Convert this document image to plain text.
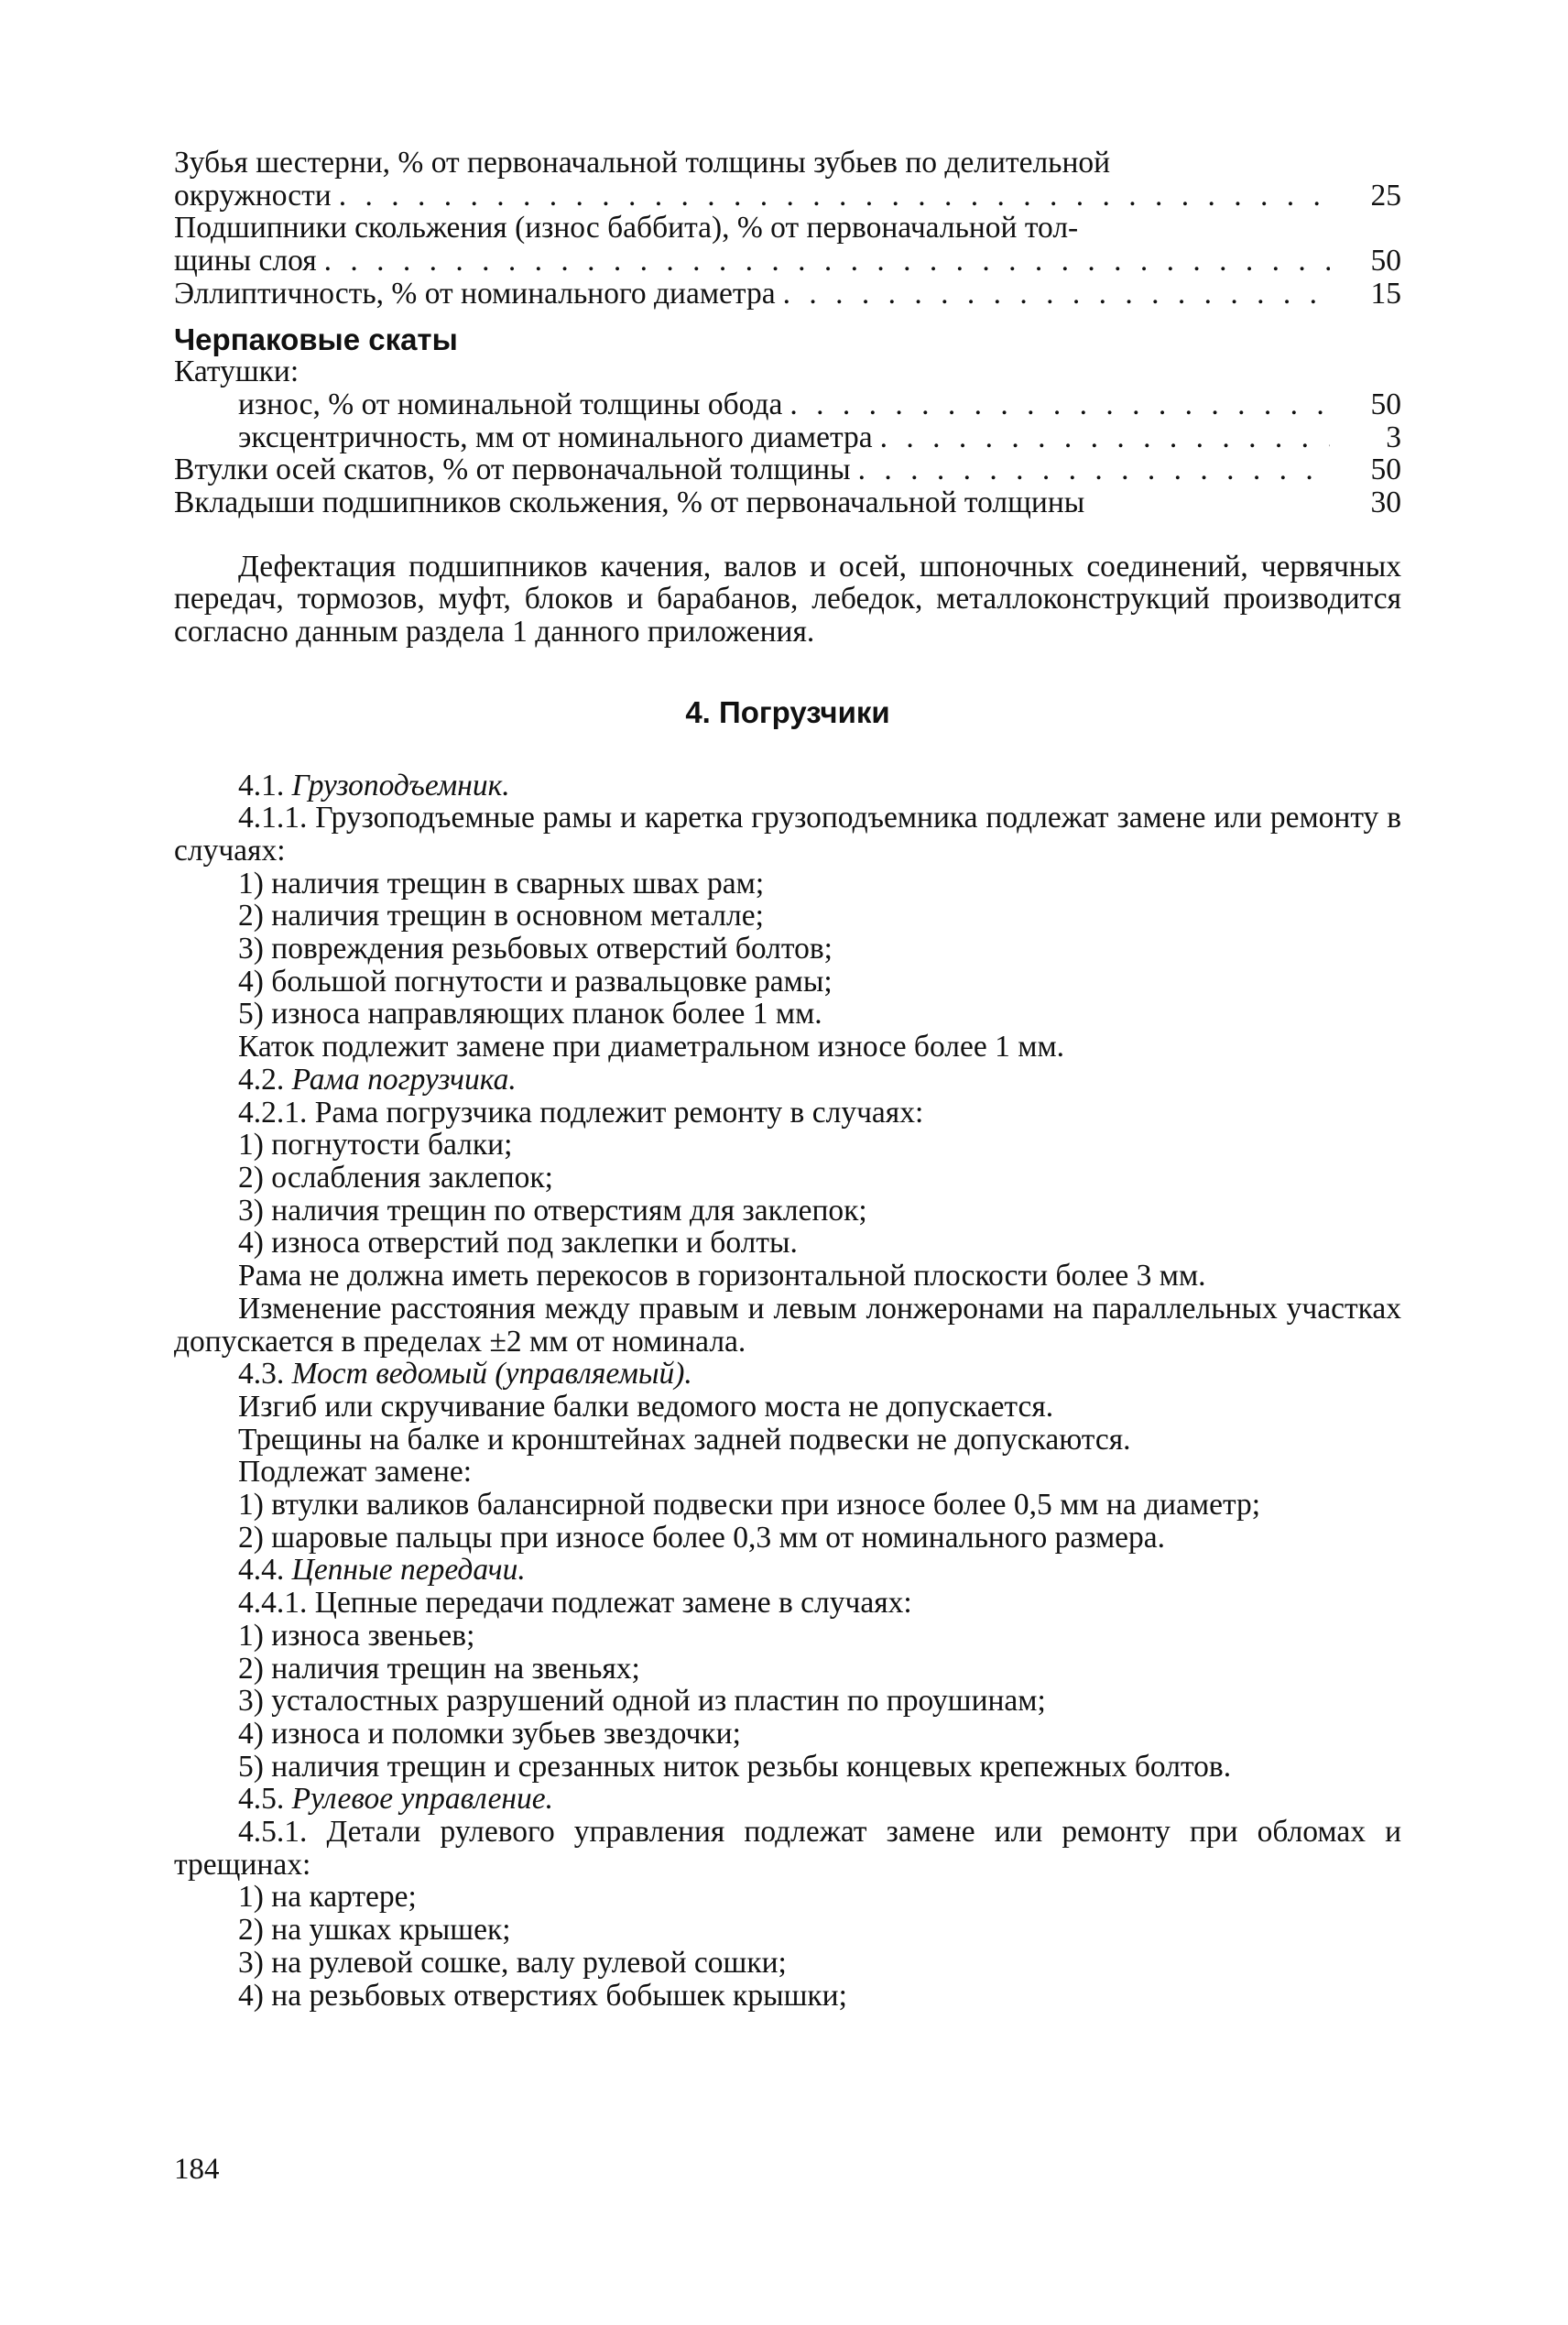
Зубья шестерни, % от первоначальной толщины зубьев по делительной
окружности . . .	25
Подшипники скольжения (износ баббита), % от первоначальной тол-
щины слоя . . .	50
Эллиптичность, % от номинального диаметра . . .	15

Черпаковые скаты

Катушки:

износ, % от номинальной толщины обода . . .	50
эксцентричность, мм от номинального диаметра . . .	3
Втулки осей скатов, % от первоначальной толщины . . .	50
Вкладыши подшипников скольжения, % от первоначальной толщины	30

Дефектация подшипников качения, валов и осей, шпоночных соединений, червячных передач, тормозов, муфт, блоков и барабанов, лебедок, металлоконструкций производится согласно данным раздела 1 данного приложения.

4. Погрузчики

4.1. Грузоподъемник.

4.1.1. Грузоподъемные рамы и каретка грузоподъемника подлежат замене или ремонту в случаях:

1) наличия трещин в сварных швах рам;

2) наличия трещин в основном металле;

3) повреждения резьбовых отверстий болтов;

4) большой погнутости и развальцовке рамы;

5) износа направляющих планок более 1 мм.

Каток подлежит замене при диаметральном износе более 1 мм.

4.2. Рама погрузчика.

4.2.1. Рама погрузчика подлежит ремонту в случаях:

1) погнутости балки;

2) ослабления заклепок;

3) наличия трещин по отверстиям для заклепок;

4) износа отверстий под заклепки и болты.

Рама не должна иметь перекосов в горизонтальной плоскости более 3 мм.

Изменение расстояния между правым и левым лонжеронами на параллельных участках допускается в пределах ±2 мм от номинала.

4.3. Мост ведомый (управляемый).

Изгиб или скручивание балки ведомого моста не допускается.

Трещины на балке и кронштейнах задней подвески не допускаются.

Подлежат замене:

1) втулки валиков балансирной подвески при износе более 0,5 мм на диаметр;

2) шаровые пальцы при износе более 0,3 мм от номинального размера.

4.4. Цепные передачи.

4.4.1. Цепные передачи подлежат замене в случаях:

1) износа звеньев;

2) наличия трещин на звеньях;

3) усталостных разрушений одной из пластин по проушинам;

4) износа и поломки зубьев звездочки;

5) наличия трещин и срезанных ниток резьбы концевых крепежных болтов.

4.5. Рулевое управление.

4.5.1. Детали рулевого управления подлежат замене или ремонту при обломах и трещинах:

1) на картере;

2) на ушках крышек;

3) на рулевой сошке, валу рулевой сошки;

4) на резьбовых отверстиях бобышек крышки;

184
